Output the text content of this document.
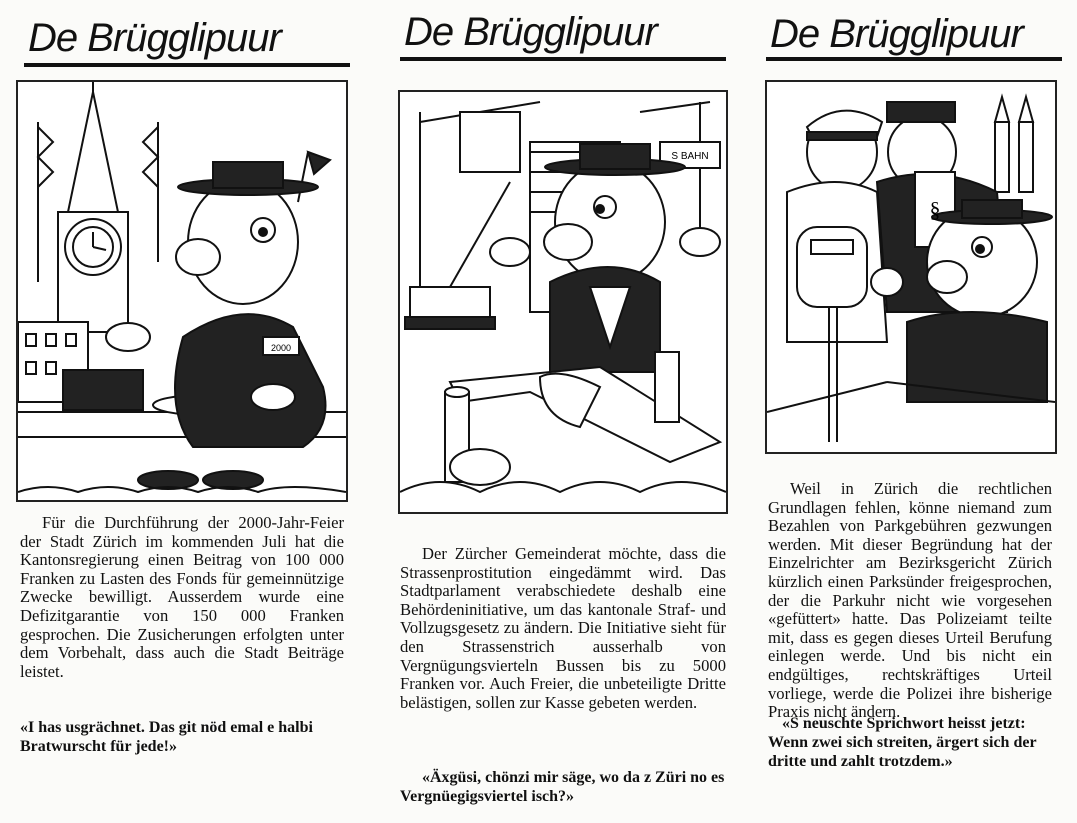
De Brügglipuur
2000

Für die Durchführung der 2000-Jahr-Feier der Stadt Zürich im kommenden Juli hat die Kantonsregierung einen Beitrag von 100 000 Franken zu Lasten des Fonds für gemeinnützige Zwecke bewilligt. Ausserdem wurde eine Defizitgarantie von 150 000 Franken gesprochen. Die Zusicherungen erfolgten unter dem Vorbehalt, dass auch die Stadt Beiträge leistet.

«I has usgrächnet. Das git nöd emal e halbi Bratwurscht für jede!»
De Brügglipuur
S BAHN

Der Zürcher Gemeinderat möchte, dass die Strassenprostitution eingedämmt wird. Das Stadtparlament verabschiedete deshalb eine Behördeninitiative, um das kantonale Straf- und Vollzugsgesetz zu ändern. Die Initiative sieht für den Strassenstrich ausserhalb von Vergnügungsvierteln Bussen bis zu 5000 Franken vor. Auch Freier, die unbeteiligte Dritte belästigen, sollen zur Kasse gebeten werden.

«Äxgüsi, chönzi mir säge, wo da z Züri no es Vergnüegigsviertel isch?»
De Brügglipuur
§

Weil in Zürich die rechtlichen Grundlagen fehlen, könne niemand zum Bezahlen von Parkgebühren gezwungen werden. Mit dieser Begründung hat der Einzelrichter am Bezirksgericht Zürich kürzlich einen Parksünder freigesprochen, der die Parkuhr nicht wie vorgesehen «gefüttert» hatte. Das Polizeiamt teilte mit, dass es gegen dieses Urteil Berufung einlegen werde. Und bis nicht ein endgültiges, rechtskräftiges Urteil vorliege, werde die Polizei ihre bisherige Praxis nicht ändern.

«S neuschte Sprichwort heisst jetzt: Wenn zwei sich streiten, ärgert sich der dritte und zahlt trotzdem.»
